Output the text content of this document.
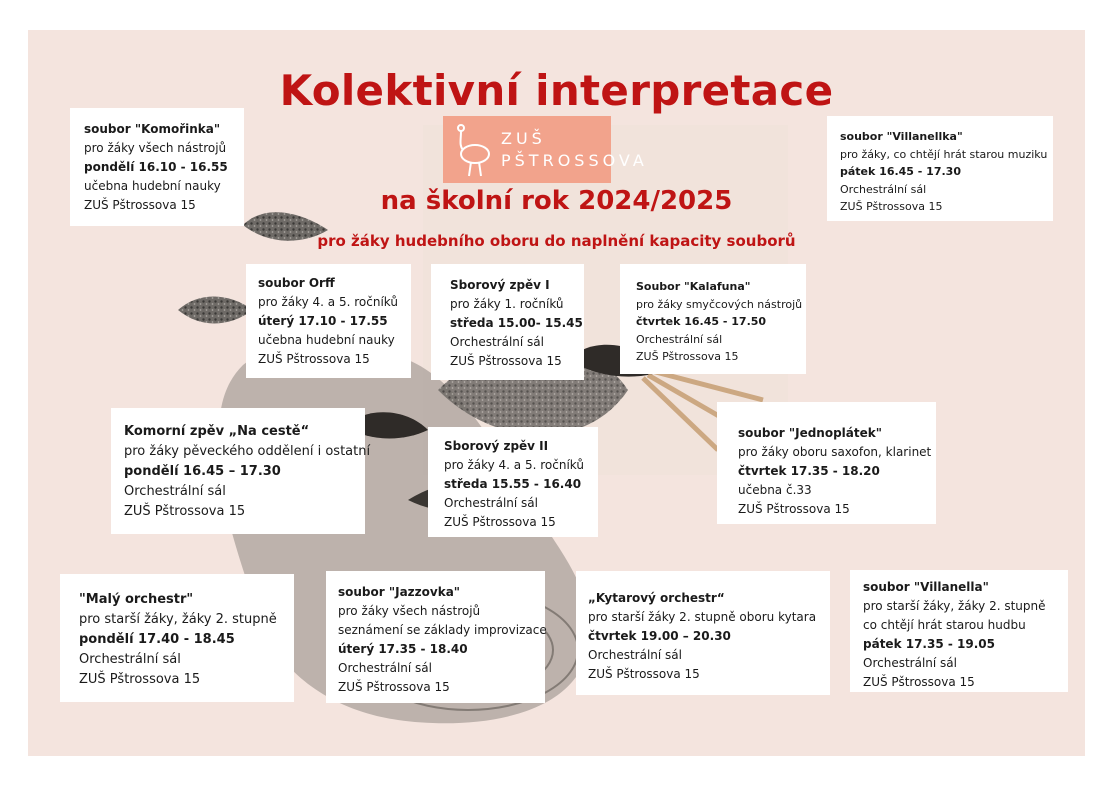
Kolektivní interpretace
ZUŠ
PŠTROSSOVA
na školní rok 2024/2025

pro žáky hudebního oboru do naplnění kapacity souborů

soubor "Komořinka"
pro žáky všech nástrojů
pondělí 16.10 - 16.55
učebna hudební nauky
ZUŠ Pštrossova 15
soubor "Villanellka"
pro žáky, co chtějí hrát starou muziku
pátek 16.45 - 17.30
Orchestrální sál
ZUŠ Pštrossova 15
soubor Orff
pro žáky 4. a 5. ročníků
úterý 17.10 - 17.55
učebna hudební nauky
ZUŠ Pštrossova 15
Sborový zpěv I
pro žáky 1. ročníků
středa 15.00- 15.45
Orchestrální sál
ZUŠ Pštrossova 15
Soubor "Kalafuna"
pro žáky smyčcových nástrojů
čtvrtek 16.45 - 17.50
Orchestrální sál
ZUŠ Pštrossova 15
Komorní zpěv „Na cestě“
pro žáky pěveckého oddělení i ostatní
pondělí 16.45 – 17.30
Orchestrální sál
ZUŠ Pštrossova 15
Sborový zpěv II
pro žáky 4. a 5. ročníků
středa 15.55 - 16.40
Orchestrální sál
ZUŠ Pštrossova 15
soubor "Jednoplátek"
pro žáky oboru saxofon, klarinet
čtvrtek 17.35 - 18.20
učebna č.33
ZUŠ Pštrossova 15
"Malý orchestr"
pro starší žáky, žáky 2. stupně
pondělí 17.40 - 18.45
Orchestrální sál
ZUŠ Pštrossova 15
soubor "Jazzovka"
pro žáky všech nástrojů
seznámení se základy improvizace
úterý 17.35 - 18.40
Orchestrální sál
ZUŠ Pštrossova 15
„Kytarový orchestr“
pro starší žáky 2. stupně oboru kytara
čtvrtek 19.00 – 20.30
Orchestrální sál
ZUŠ Pštrossova 15
soubor "Villanella"
pro starší žáky, žáky 2. stupně
co chtějí hrát starou hudbu
pátek 17.35 - 19.05
Orchestrální sál
ZUŠ Pštrossova 15
